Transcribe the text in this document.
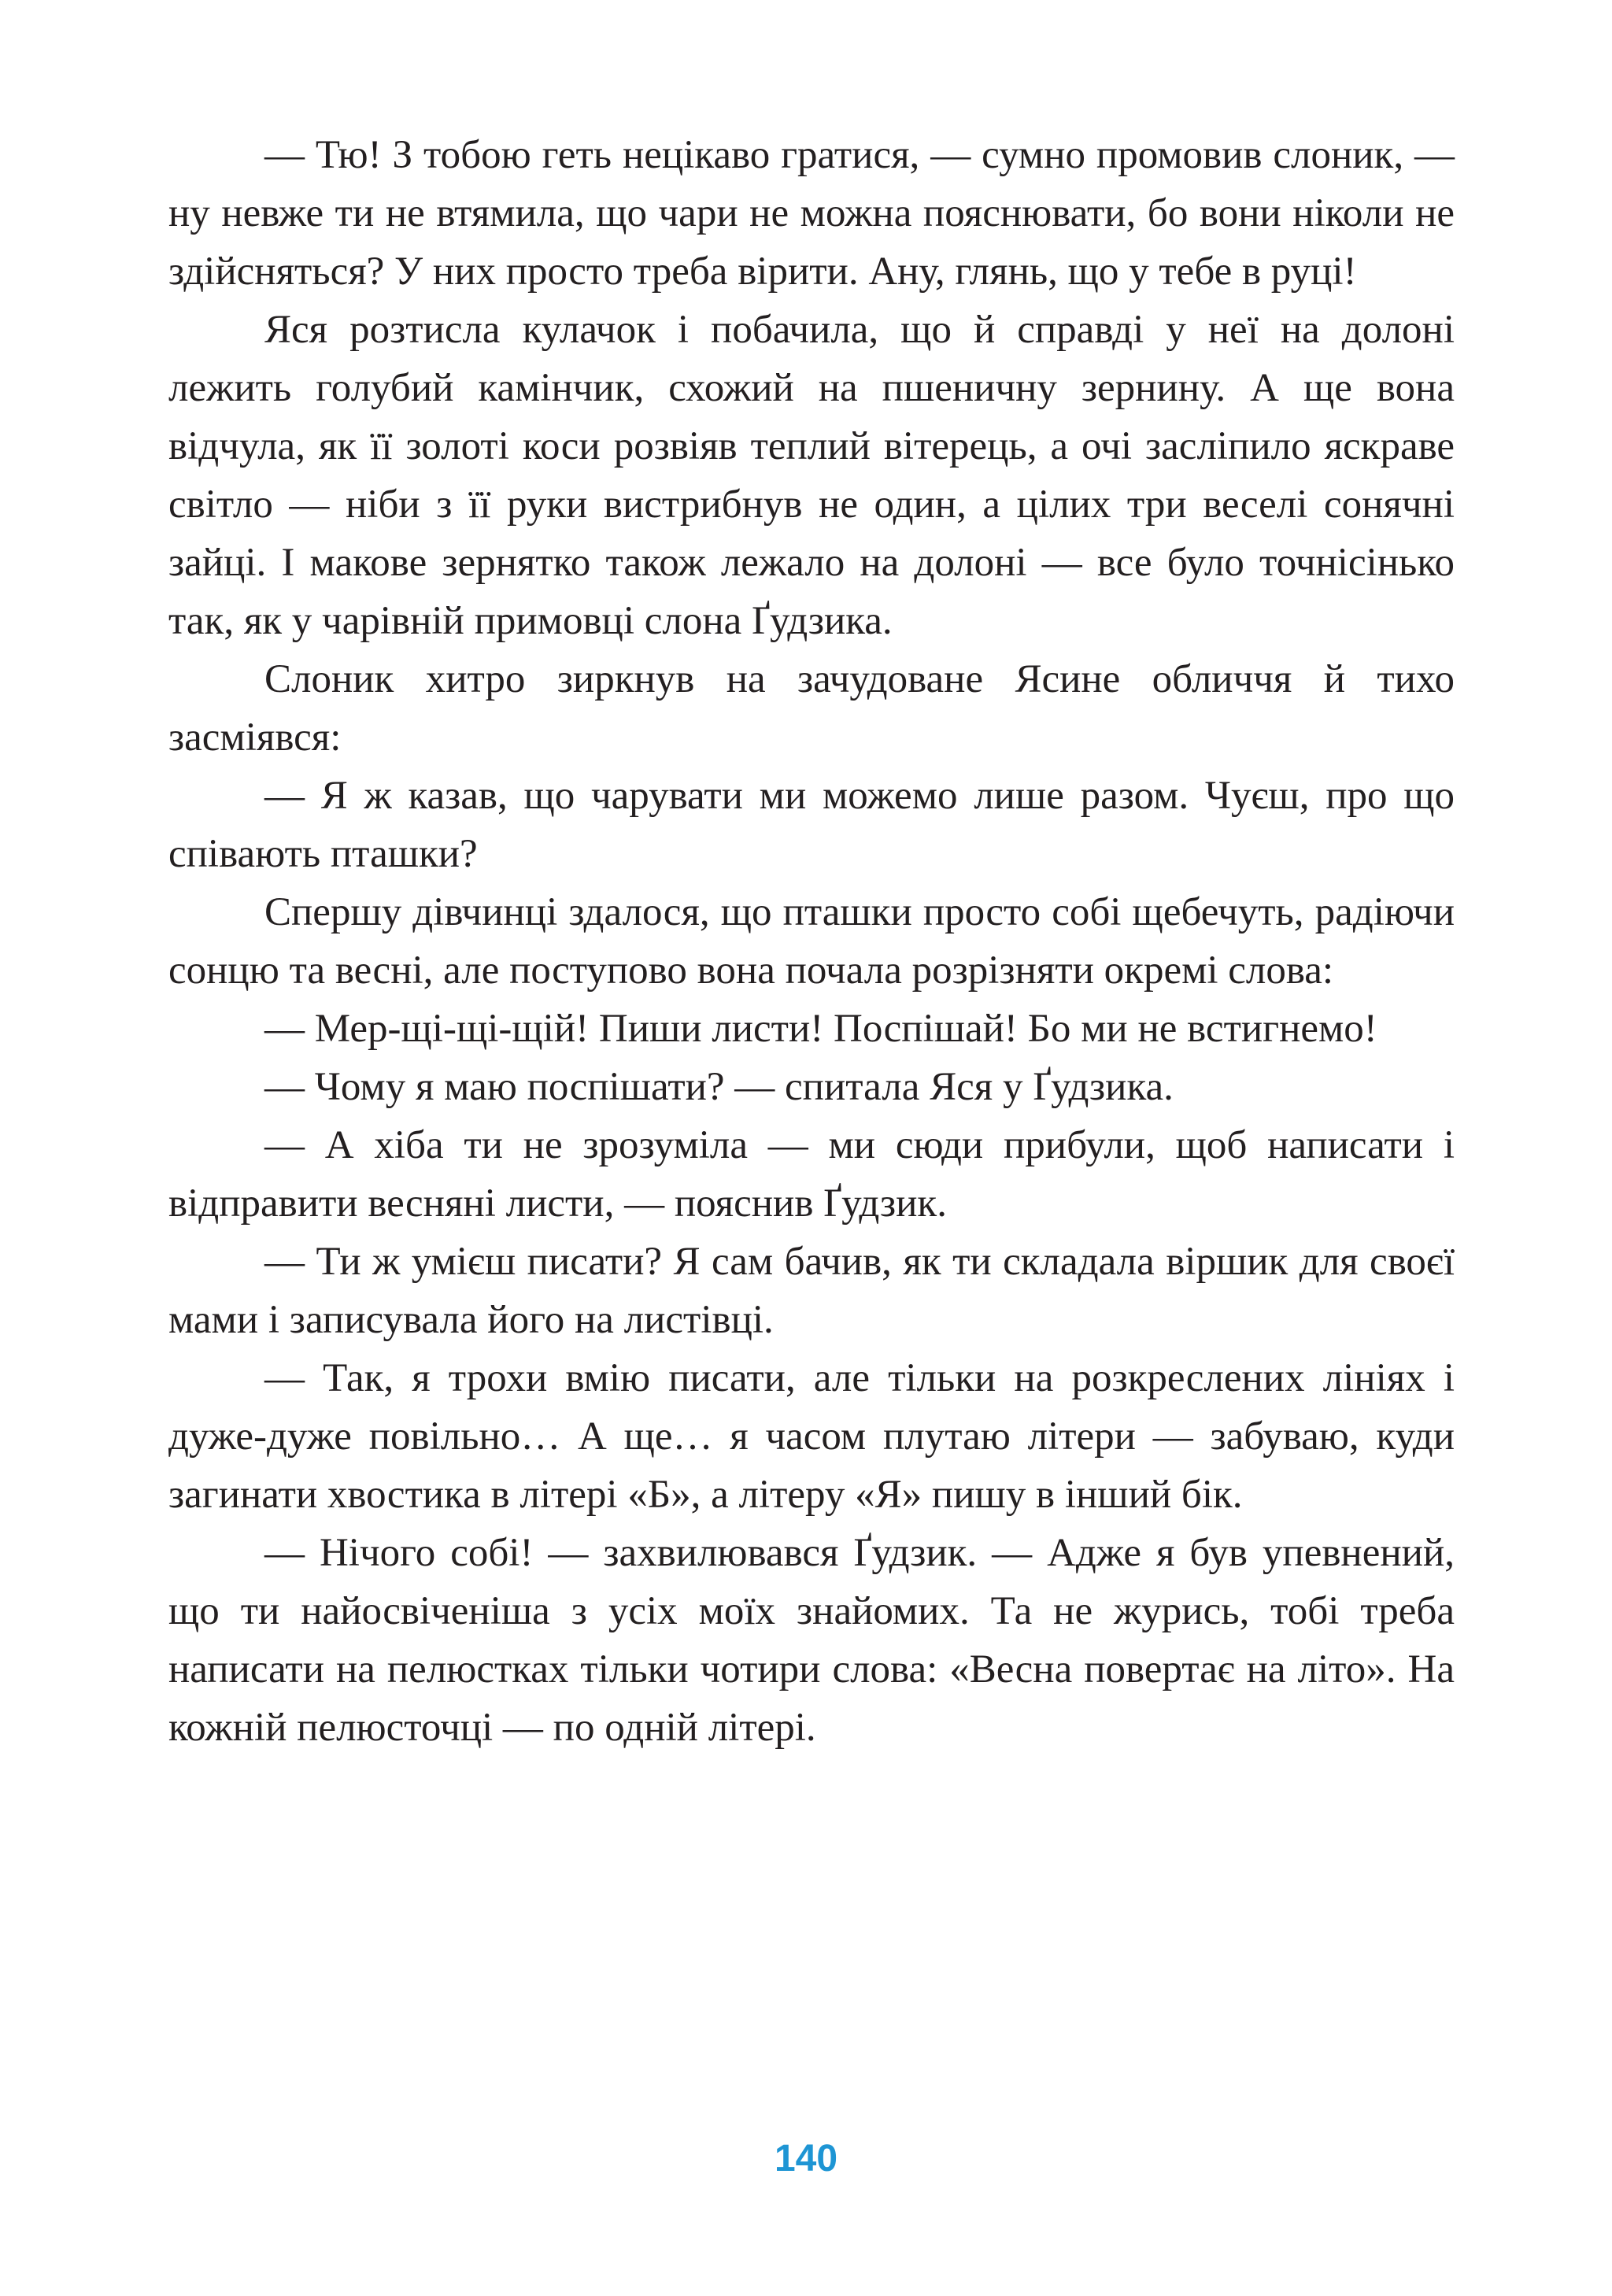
— Тю! З тобою геть нецікаво гратися, — сумно промовив слоник, — ну невже ти не втямила, що чари не можна пояснювати, бо вони ніколи не здійсняться? У них просто треба вірити. Ану, глянь, що у тебе в руці!

Яся розтисла кулачок і побачила, що й справді у неї на долоні лежить голубий камінчик, схожий на пшеничну зернину. А ще вона відчула, як її золоті коси розвіяв теплий вітерець, а очі засліпило яскраве світло — ніби з її руки вистрибнув не один, а цілих три веселі сонячні зайці. І макове зернятко також лежало на долоні — все було точнісінько так, як у чарівній примовці слона Ґудзика.

Слоник хитро зиркнув на зачудоване Ясине обличчя й тихо засміявся:

— Я ж казав, що чарувати ми можемо лише разом. Чуєш, про що співають пташки?

Спершу дівчинці здалося, що пташки просто собі щебечуть, радіючи сонцю та весні, але поступово вона почала розрізняти окремі слова:

— Мер-щі-щі-щій! Пиши листи! Поспішай! Бо ми не встигнемо!

— Чому я маю поспішати? — спитала Яся у Ґудзика.

— А хіба ти не зрозуміла — ми сюди прибули, щоб написати і відправити весняні листи, — пояснив Ґудзик.

— Ти ж умієш писати? Я сам бачив, як ти складала віршик для своєї мами і записувала його на листівці.

— Так, я трохи вмію писати, але тільки на розкреслених лініях і дуже-дуже повільно… А ще… я часом плутаю літери — забуваю, куди загинати хвостика в літері «Б», а літеру «Я» пишу в інший бік.

— Нічого собі! — захвилювався Ґудзик. — Адже я був упевнений, що ти найосвіченіша з усіх моїх знайомих. Та не журись, тобі треба написати на пелюстках тільки чотири слова: «Весна повертає на літо». На кожній пелюсточці — по одній літері.

140
